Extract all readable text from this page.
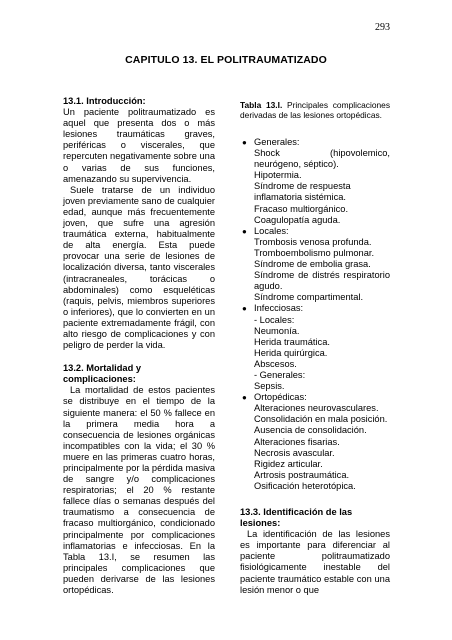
293
CAPITULO 13. EL POLITRAUMATIZADO
13.1. Introducción:

Un paciente politraumatizado es aquel que presenta dos o más lesiones traumáticas graves, periféricas o viscerales, que repercuten negativamente sobre una o varias de sus funciones, amenazando su supervivencia.

Suele tratarse de un individuo joven previamente sano de cualquier edad, aunque más frecuentemente joven, que sufre una agresión traumática externa, habitualmente de alta energía. Esta puede provocar una serie de lesiones de localización diversa, tanto viscerales (intracraneales, torácicas o abdominales) como esqueléticas (raquis, pelvis, miembros superiores o inferiores), que lo convierten en un paciente extremadamente frágil, con alto riesgo de complicaciones y con peligro de perder la vida.

13.2. Mortalidad y complicaciones:

La mortalidad de estos pacientes se distribuye en el tiempo de la siguiente manera: el 50 % fallece en la primera media hora a consecuencia de lesiones orgánicas incompatibles con la vida; el 30 % muere en las primeras cuatro horas, principalmente por la pérdida masiva de sangre y/o complicaciones respiratorias; el 20 % restante fallece días o semanas después del traumatismo a consecuencia de fracaso multiorgánico, condicionado principalmente por complicaciones inflamatorias e infecciosas. En la Tabla 13.I, se resumen las principales complicaciones que pueden derivarse de las lesiones ortopédicas.

Tabla 13.I. Principales complicaciones derivadas de las lesiones ortopédicas.
● Generales:
Shock (hipovolemico, neurógeno, séptico).
Hipotermia.
Síndrome de respuesta inflamatoria sistémica.
Fracaso multiorgánico.
Coagulopatía aguda.
● Locales:
Trombosis venosa profunda.
Tromboembolismo pulmonar.
Síndrome de embolia grasa.
Síndrome de distrés respiratorio agudo.
Síndrome compartimental.
● Infecciosas:
- Locales:
Neumonía.
Herida traumática.
Herida quirúrgica.
Abscesos.
- Generales:
Sepsis.
● Ortopédicas:
Alteraciones neurovasculares.
Consolidación en mala posición.
Ausencia de consolidación.
Alteraciones fisarias.
Necrosis avascular.
Rigidez articular.
Artrosis postraumática.
Osificación heterotópica.
13.3. Identificación de las lesiones:

La identificación de las lesiones es importante para diferenciar al paciente politraumatizado fisiológicamente inestable del paciente traumático estable con una lesión menor o que
